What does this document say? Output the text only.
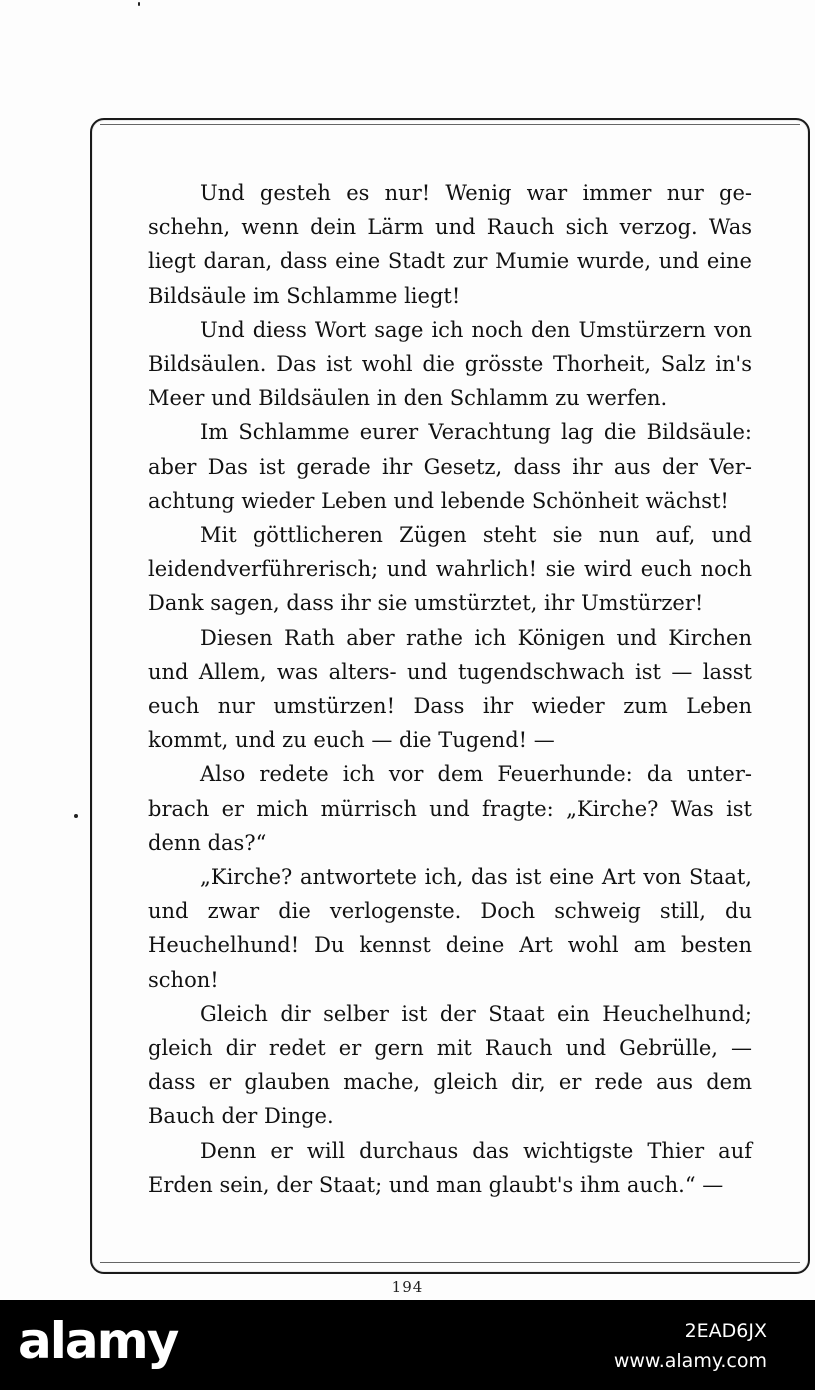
Und gesteh es nur! Wenig war immer nur ge-
schehn, wenn dein Lärm und Rauch sich verzog. Was
liegt daran, dass eine Stadt zur Mumie wurde, und eine
Bildsäule im Schlamme liegt!

Und diess Wort sage ich noch den Umstürzern von
Bildsäulen. Das ist wohl die grösste Thorheit, Salz in's
Meer und Bildsäulen in den Schlamm zu werfen.

Im Schlamme eurer Verachtung lag die Bildsäule:
aber Das ist gerade ihr Gesetz, dass ihr aus der Ver-
achtung wieder Leben und lebende Schönheit wächst!

Mit göttlicheren Zügen steht sie nun auf, und
leidendverführerisch; und wahrlich! sie wird euch noch
Dank sagen, dass ihr sie umstürztet, ihr Umstürzer!

Diesen Rath aber rathe ich Königen und Kirchen
und Allem, was alters- und tugendschwach ist — lasst
euch nur umstürzen! Dass ihr wieder zum Leben
kommt, und zu euch — die Tugend! —

Also redete ich vor dem Feuerhunde: da unter-
brach er mich mürrisch und fragte: „Kirche? Was ist
denn das?“

„Kirche? antwortete ich, das ist eine Art von Staat,
und zwar die verlogenste. Doch schweig still, du
Heuchelhund! Du kennst deine Art wohl am besten
schon!

Gleich dir selber ist der Staat ein Heuchelhund;
gleich dir redet er gern mit Rauch und Gebrülle, —
dass er glauben mache, gleich dir, er rede aus dem
Bauch der Dinge.

Denn er will durchaus das wichtigste Thier auf
Erden sein, der Staat; und man glaubt's ihm auch.“ —

194
alamy	2EAD6JX
www.alamy.com
